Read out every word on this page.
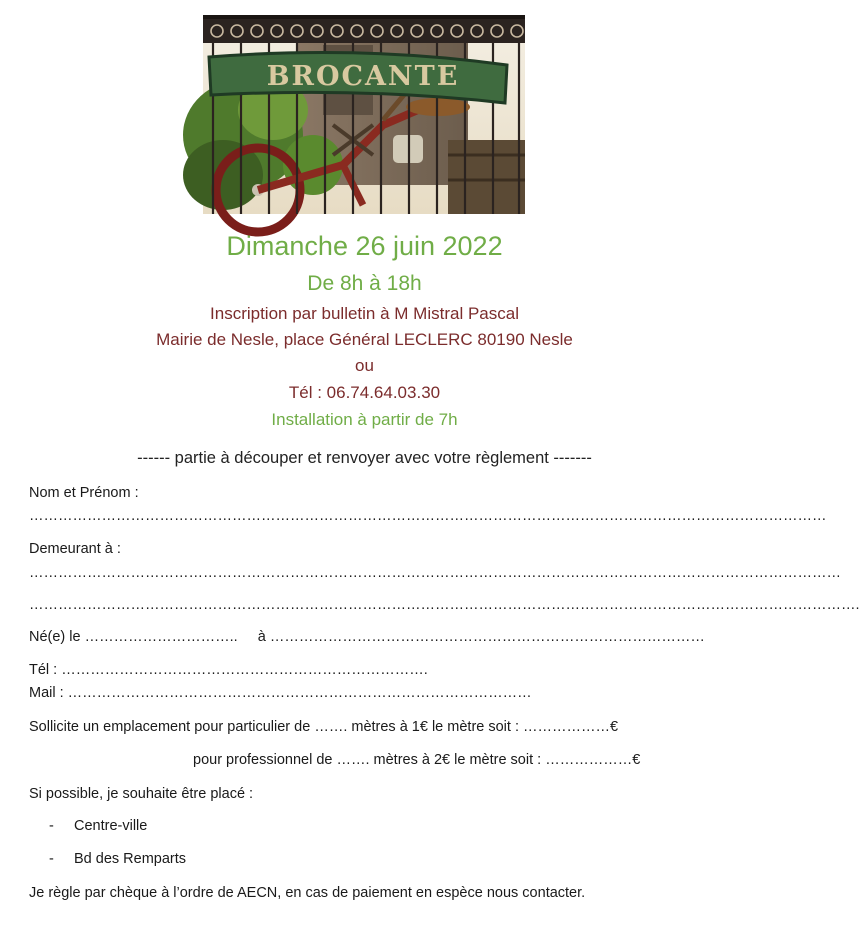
BROCANTE
Dimanche 26 juin 2022
De 8h à 18h
Inscription par bulletin à M Mistral Pascal
Mairie de Nesle, place Général LECLERC 80190 Nesle
ou
Tél : 06.74.64.03.30
Installation à partir de 7h
------ partie à découper et renvoyer avec votre règlement -------
Nom et Prénom :
…………………………………………………………………………………………………………………………………………………
Demeurant à :
……………………………………………………………………………………………………………………………………………………
……………………………………………………………………………………………………………………………………………………….
Né(e) le …………………………..     à ………………………………………………………………………………
Tél : ………………………………………………………………….
Mail : ……………………………………………………………………………………
Sollicite un emplacement pour particulier de ……. mètres à 1€ le mètre soit : ………………€
pour professionnel de ……. mètres à 2€ le mètre soit : ………………€
Si possible, je souhaite être placé :
- Centre-ville
- Bd des Remparts
Je règle par chèque à l’ordre de AECN, en cas de paiement en espèce nous contacter.
